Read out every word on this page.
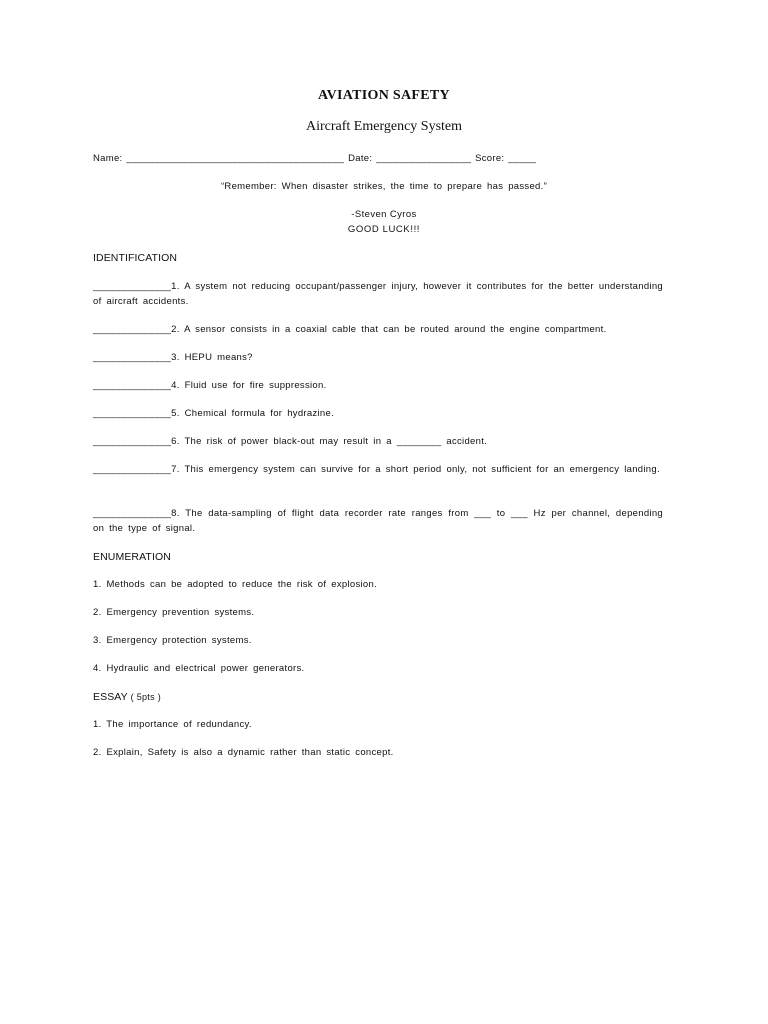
AVIATION SAFETY
Aircraft Emergency System
Name: _______________________________________ Date: _________________ Score: _____
“Remember: When disaster strikes, the time to prepare has passed.”
-Steven Cyros
GOOD LUCK!!!
IDENTIFICATION
______________1. A system not reducing occupant/passenger injury, however it contributes for the better understanding of aircraft accidents.
______________2. A sensor consists in a coaxial cable that can be routed around the engine compartment.
______________3. HEPU means?
______________4. Fluid use for fire suppression.
______________5. Chemical formula for hydrazine.
______________6. The risk of power black-out may result in a ________ accident.
______________7. This emergency system can survive for a short period only, not sufficient for an emergency landing.
______________8. The data-sampling of flight data recorder rate ranges from ___ to ___ Hz per channel, depending on the type of signal.
ENUMERATION
1. Methods can be adopted to reduce the risk of explosion.
2. Emergency prevention systems.
3. Emergency protection systems.
4. Hydraulic and electrical power generators.
ESSAY ( 5pts )
1. The importance of redundancy.
2. Explain, Safety is also a dynamic rather than static concept.
